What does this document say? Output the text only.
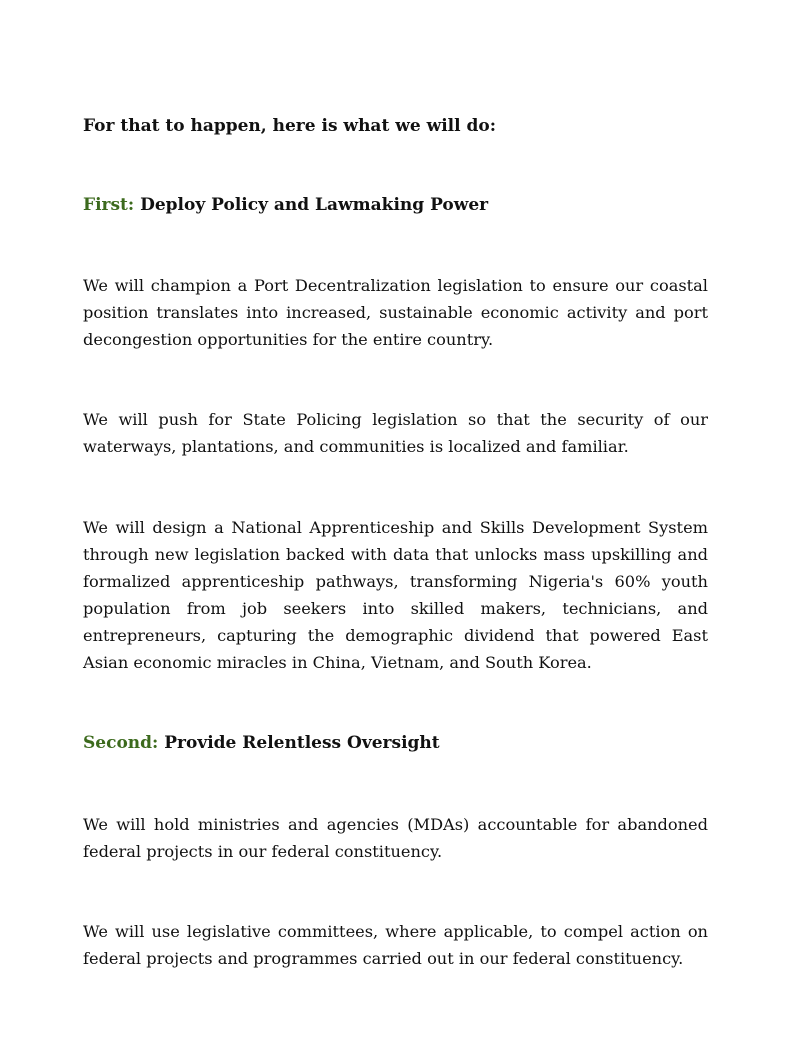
For that to happen, here is what we will do:

First: Deploy Policy and Lawmaking Power

We will champion a Port Decentralization legislation to ensure our coastal position translates into increased, sustainable economic activity and port decongestion opportunities for the entire country.

We will push for State Policing legislation so that the security of our waterways, plantations, and communities is localized and familiar.

We will design a National Apprenticeship and Skills Development System through new legislation backed with data that unlocks mass upskilling and formalized apprenticeship pathways, transforming Nigeria's 60% youth population from job seekers into skilled makers, technicians, and entrepreneurs, capturing the demographic dividend that powered East Asian economic miracles in China, Vietnam, and South Korea.

Second: Provide Relentless Oversight

We will hold ministries and agencies (MDAs) accountable for abandoned federal projects in our federal constituency.

We will use legislative committees, where applicable, to compel action on federal projects and programmes carried out in our federal constituency.
